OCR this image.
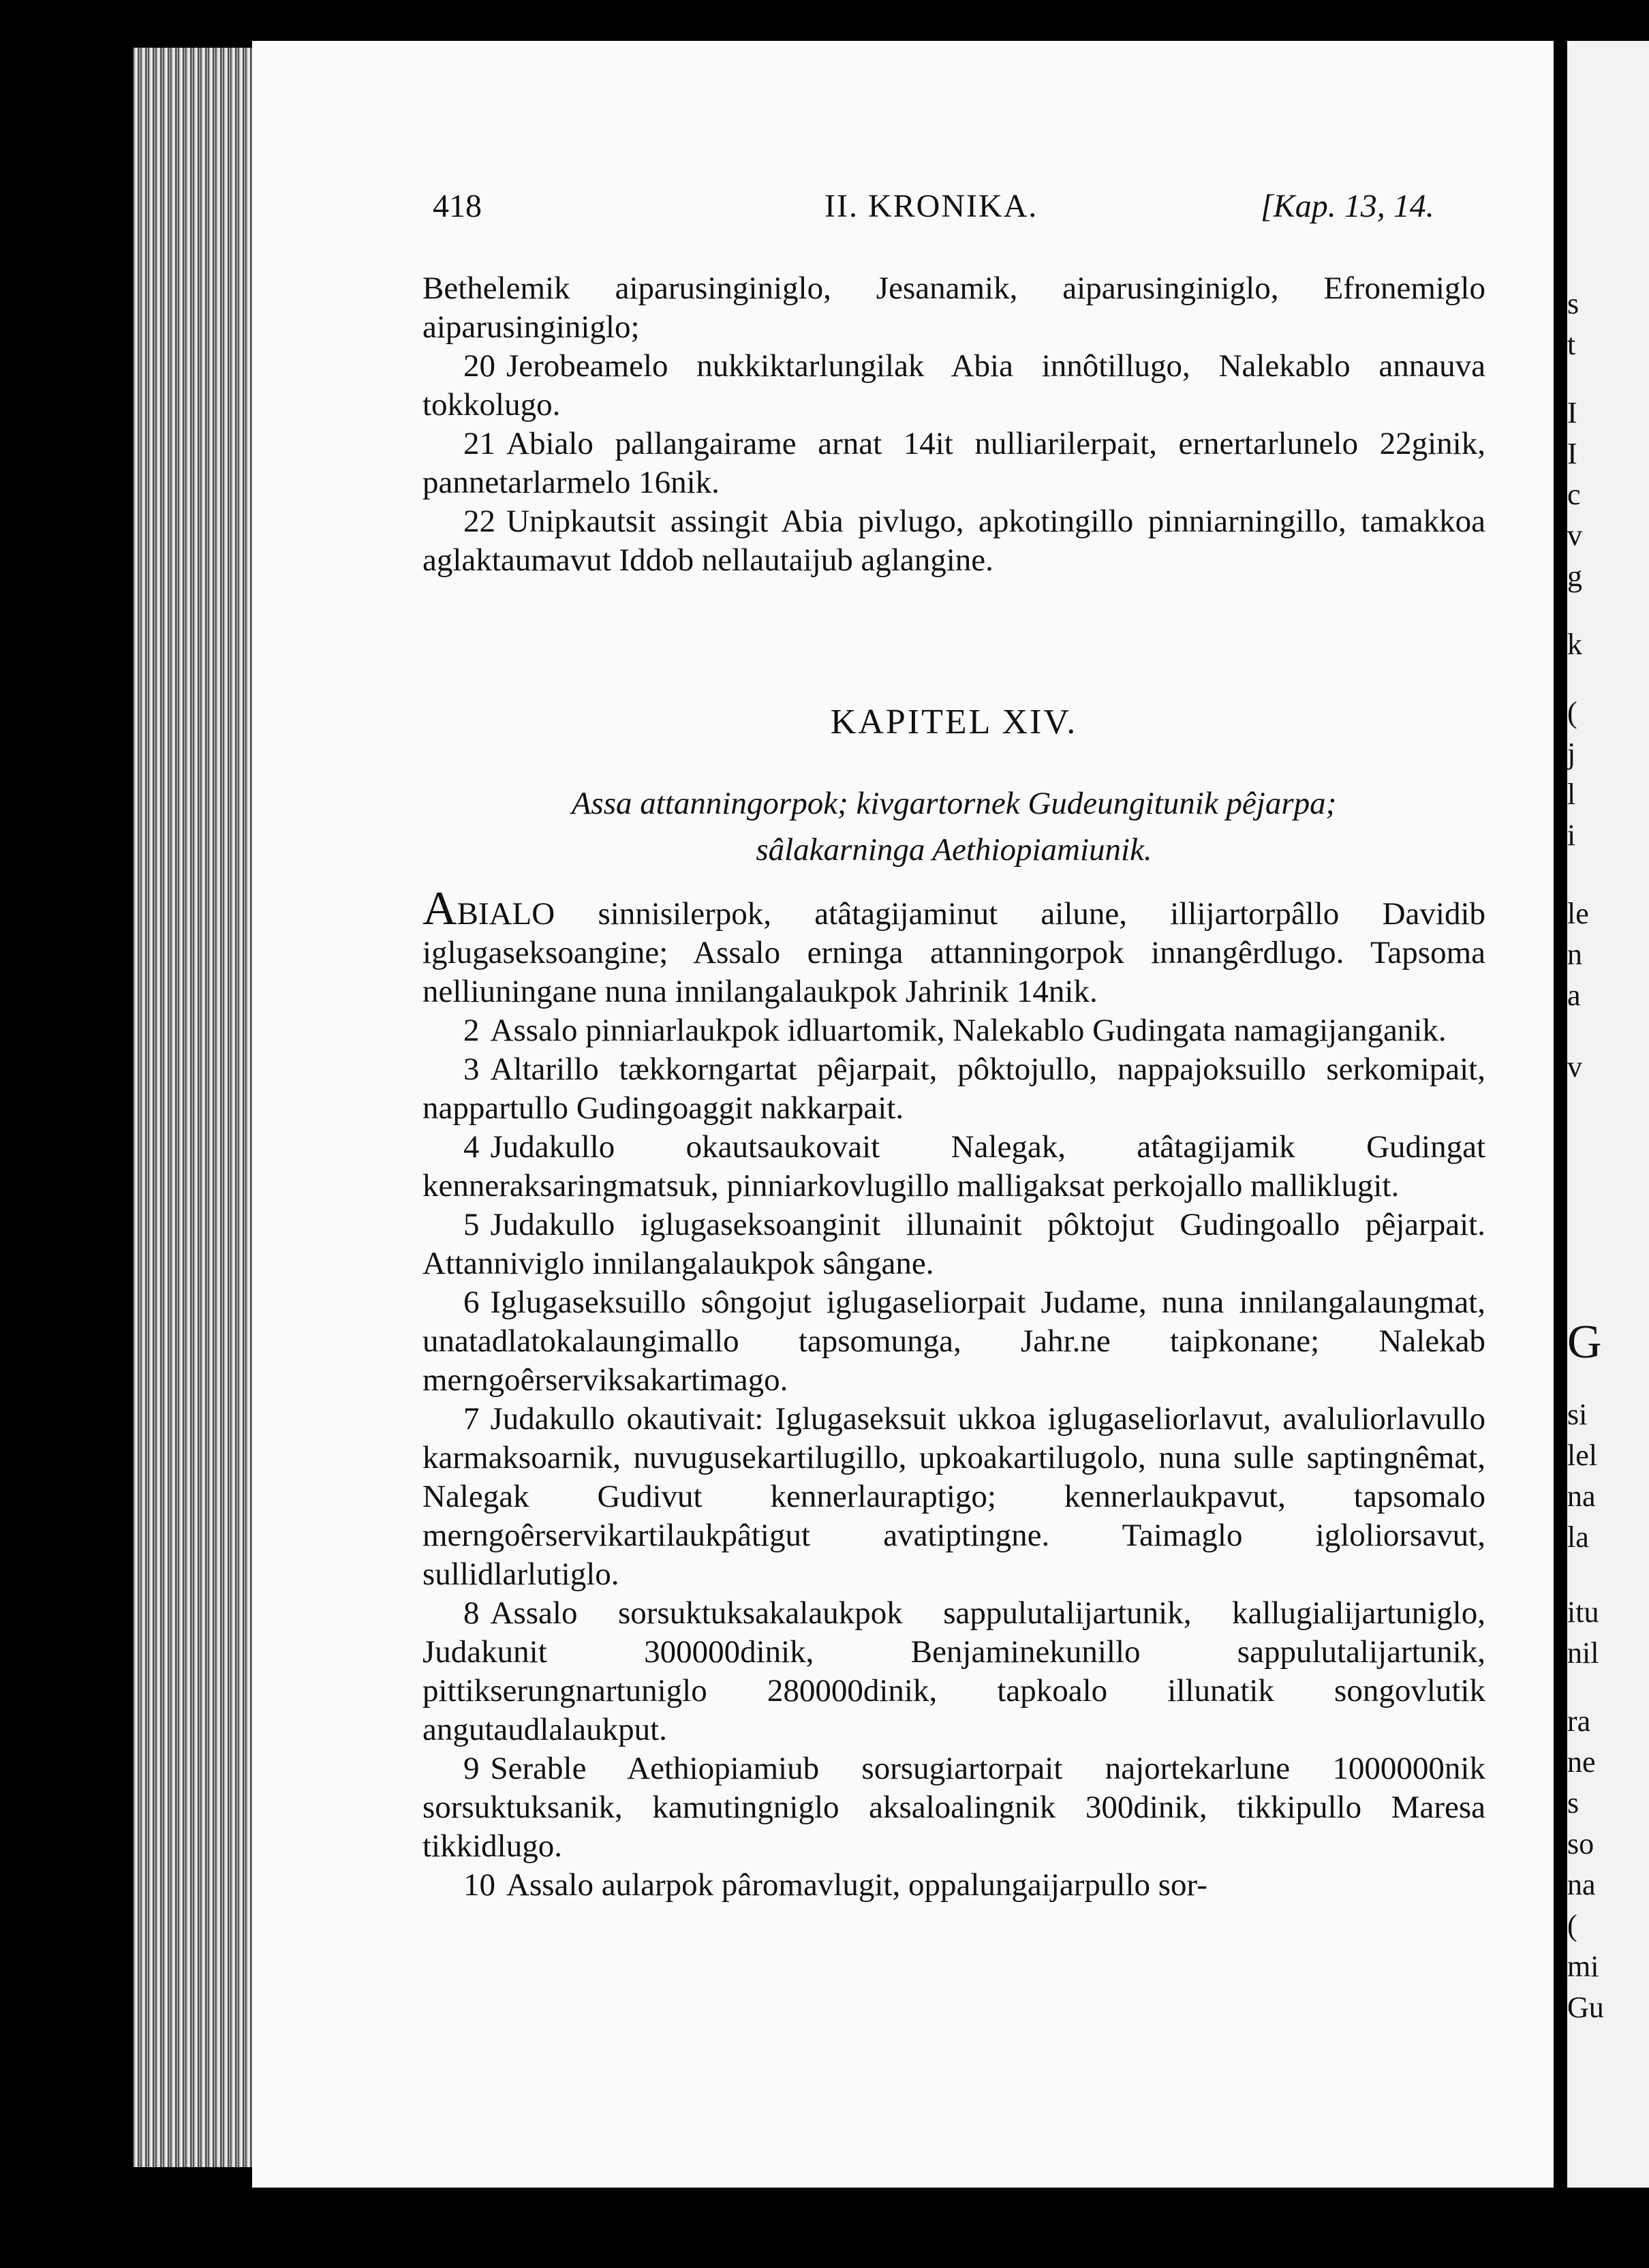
418	II. KRONIKA.	[Kap. 13, 14.

Bethelemik aiparusinginiglo, Jesanamik, aiparusinginiglo, Efronemiglo aiparusinginiglo;

20 Jerobeamelo nukkiktarlungilak Abia innôtillugo, Nalekablo annauva tokkolugo.

21 Abialo pallangairame arnat 14it nulliarilerpait, ernertarlunelo 22ginik, pannetarlarmelo 16nik.

22 Unipkautsit assingit Abia pivlugo, apkotingillo pinniarningillo, tamakkoa aglaktaumavut Iddob nellautaijub aglangine.

KAPITEL XIV.
Assa attanningorpok; kivgartornek Gudeungitunik pêjarpa;
sâlakarninga Aethiopiamiunik.

ABIALO sinnisilerpok, atâtagijaminut ailune, illijartorpâllo Davidib iglugaseksoangine; Assalo erninga attanningorpok innangêrdlugo. Tapsoma nelliuningane nuna innilangalaukpok Jahrinik 14nik.

2 Assalo pinniarlaukpok idluartomik, Nalekablo Gudingata namagijanganik.

3 Altarillo tækkorngartat pêjarpait, pôktojullo, nappajoksuillo serkomipait, nappartullo Gudingoaggit nakkarpait.

4 Judakullo okautsaukovait Nalegak, atâtagijamik Gudingat kenneraksaringmatsuk, pinniarkovlugillo malligaksat perkojallo malliklugit.

5 Judakullo iglugaseksoanginit illunainit pôktojut Gudingoallo pêjarpait. Attanniviglo innilangalaukpok sângane.

6 Iglugaseksuillo sôngojut iglugaseliorpait Judame, nuna innilangalaungmat, unatadlatokalaungimallo tapsomunga, Jahr.ne taipkonane; Nalekab merngoêrserviksakartimago.

7 Judakullo okautivait: Iglugaseksuit ukkoa iglugaseliorlavut, avaluliorlavullo karmaksoarnik, nuvugusekartilugillo, upkoakartilugolo, nuna sulle saptingnêmat, Nalegak Gudivut kennerlauraptigo; kennerlaukpavut, tapsomalo merngoêrservikartilaukpâtigut avatiptingne. Taimaglo igloliorsavut, sullidlarlutiglo.

8 Assalo sorsuktuksakalaukpok sappulutalijartunik, kallugialijartuniglo, Judakunit 300000dinik, Benjaminekunillo sappulutalijartunik, pittikserungnartuniglo 280000dinik, tapkoalo illunatik songovlutik angutaudlalaukput.

9 Serable Aethiopiamiub sorsugiartorpait najortekarlune 1000000nik sorsuktuksanik, kamutingniglo aksaloalingnik 300dinik, tikkipullo Maresa tikkidlugo.

10 Assalo aularpok pâromavlugit, oppalungaijarpullo sor-

s
t
I
I
c
v
g
k
(
j
l
i
le
n
a
v
G
si
lel
na
la
itu
nil
ra
ne
s
so
na
(
mi
Gu
